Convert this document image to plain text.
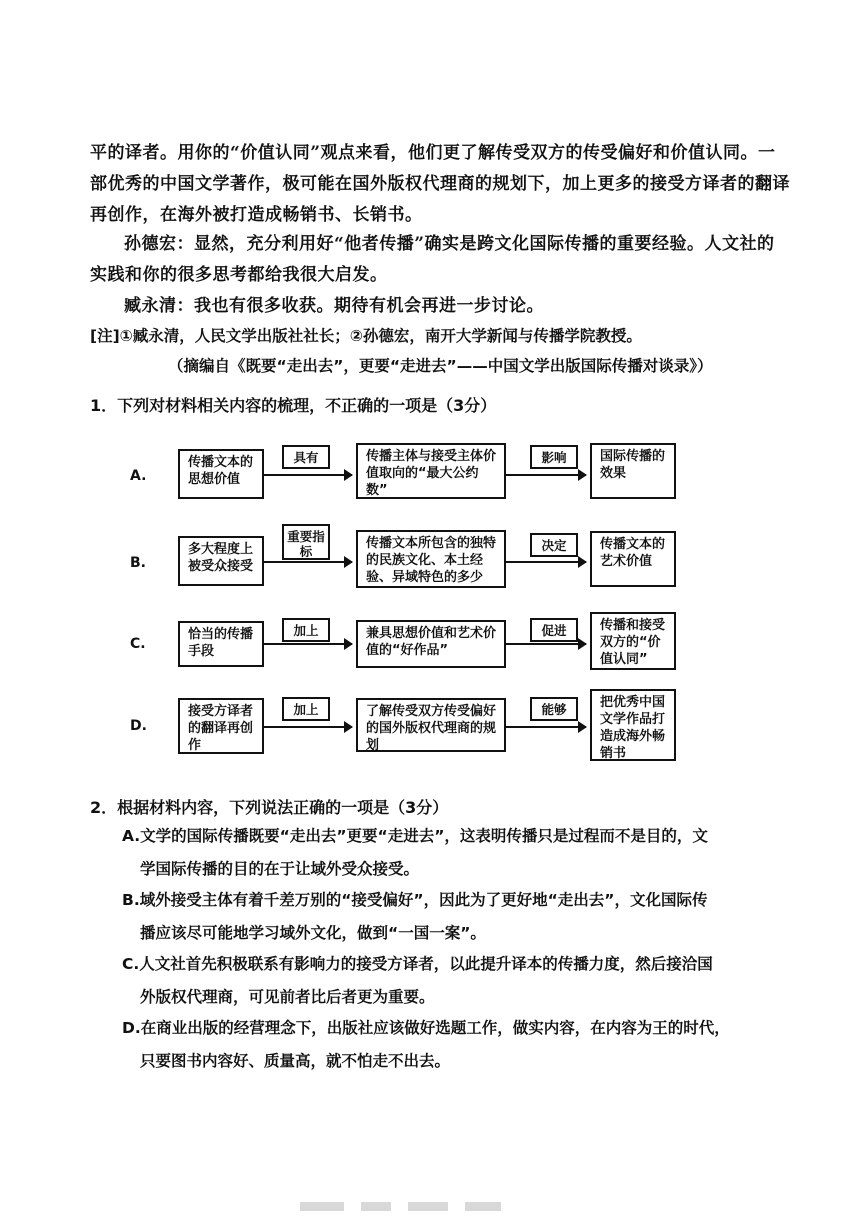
平的译者。用你的“价值认同”观点来看，他们更了解传受双方的传受偏好和价值认同。一
部优秀的中国文学著作，极可能在国外版权代理商的规划下，加上更多的接受方译者的翻译
再创作，在海外被打造成畅销书、长销书。
孙德宏：显然，充分利用好“他者传播”确实是跨文化国际传播的重要经验。人文社的
实践和你的很多思考都给我很大启发。
臧永清：我也有很多收获。期待有机会再进一步讨论。
[注]①臧永清，人民文学出版社社长；②孙德宏，南开大学新闻与传播学院教授。
（摘编自《既要“走出去”，更要“走进去”——中国文学出版国际传播对谈录》）
1．下列对材料相关内容的梳理，不正确的一项是（3分）
A.
传播文本的思想价值
具有	传播主体与接受主体价值取向的“最大公约数”
影响	国际传播的效果
B.
多大程度上被受众接受
重要指标
传播文本所包含的独特的民族文化、本土经验、异域特色的多少
决定	传播文本的艺术价值
C.
恰当的传播手段
加上	兼具思想价值和艺术价值的“好作品”
促进	传播和接受双方的“价值认同”
D.
接受方译者的翻译再创作
加上	了解传受双方传受偏好的国外版权代理商的规划
能够	把优秀中国文学作品打造成海外畅销书
2．根据材料内容，下列说法正确的一项是（3分）
A.文学的国际传播既要“走出去”更要“走进去”，这表明传播只是过程而不是目的，文
学国际传播的目的在于让域外受众接受。
B.域外接受主体有着千差万别的“接受偏好”，因此为了更好地“走出去”，文化国际传
播应该尽可能地学习域外文化，做到“一国一案”。
C.人文社首先积极联系有影响力的接受方译者，以此提升译本的传播力度，然后接洽国
外版权代理商，可见前者比后者更为重要。
D.在商业出版的经营理念下，出版社应该做好选题工作，做实内容，在内容为王的时代，
只要图书内容好、质量高，就不怕走不出去。
